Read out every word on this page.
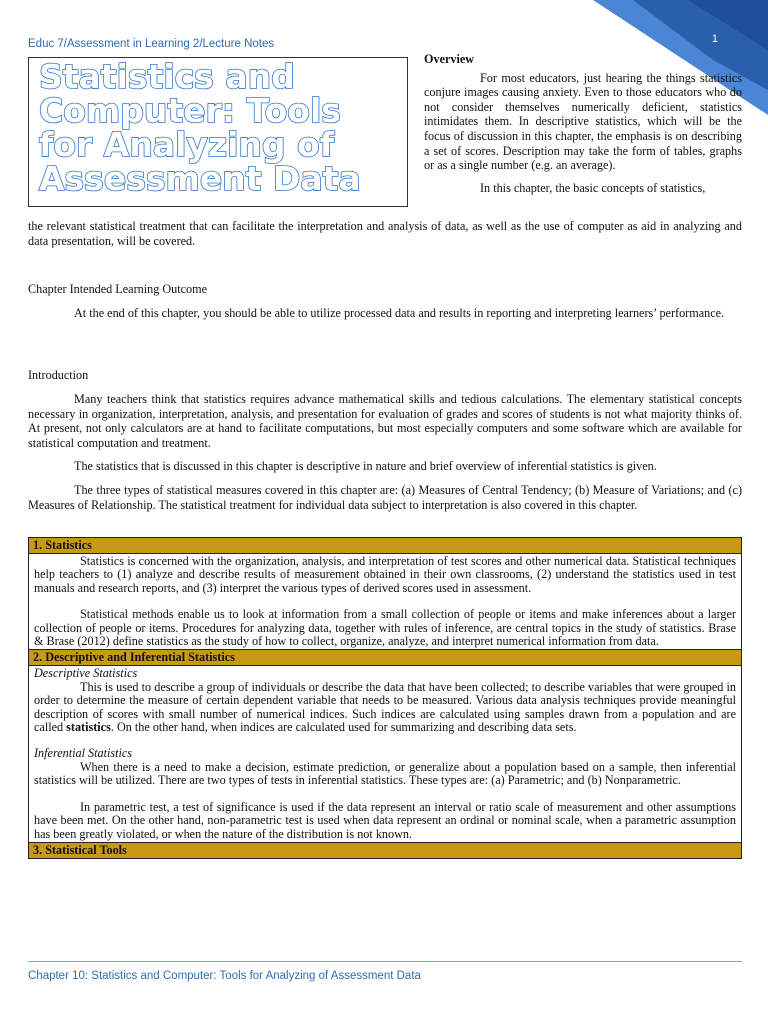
Educ 7/Assessment in Learning 2/Lecture Notes	1
Statistics and
Computer: Tools
for Analyzing of
Assessment Data
Overview

For most educators, just hearing the things statistics conjure images causing anxiety. Even to those educators who do not consider themselves numerically deficient, statistics intimidates them. In descriptive statistics, which will be the focus of discussion in this chapter, the emphasis is on describing a set of scores. Description may take the form of tables, graphs or as a single number (e.g. an average).

In this chapter, the basic concepts of statistics,

the relevant statistical treatment that can facilitate the interpretation and analysis of data, as well as the use of computer as aid in analyzing and data presentation, will be covered.
Chapter Intended Learning Outcome

At the end of this chapter, you should be able to utilize processed data and results in reporting and interpreting learners’ performance.

Introduction

Many teachers think that statistics requires advance mathematical skills and tedious calculations. The elementary statistical concepts necessary in organization, interpretation, analysis, and presentation for evaluation of grades and scores of students is not what majority thinks of. At present, not only calculators are at hand to facilitate computations, but most especially computers and some software which are available for statistical computation and treatment.

The statistics that is discussed in this chapter is descriptive in nature and brief overview of inferential statistics is given.

The three types of statistical measures covered in this chapter are: (a) Measures of Central Tendency; (b) Measure of Variations; and (c) Measures of Relationship. The statistical treatment for individual data subject to interpretation is also covered in this chapter.

1. Statistics

Statistics is concerned with the organization, analysis, and interpretation of test scores and other numerical data. Statistical techniques help teachers to (1) analyze and describe results of measurement obtained in their own classrooms, (2) understand the statistics used in test manuals and research reports, and (3) interpret the various types of derived scores used in assessment.

Statistical methods enable us to look at information from a small collection of people or items and make inferences about a larger collection of people or items. Procedures for analyzing data, together with rules of inference, are central topics in the study of statistics. Brase & Brase (2012) define statistics as the study of how to collect, organize, analyze, and interpret numerical information from data.

2. Descriptive and Inferential Statistics

Descriptive Statistics

This is used to describe a group of individuals or describe the data that have been collected; to describe variables that were grouped in order to determine the measure of certain dependent variable that needs to be measured. Various data analysis techniques provide meaningful description of scores with small number of numerical indices. Such indices are calculated using samples drawn from a population and are called statistics. On the other hand, when indices are calculated used for summarizing and describing data sets.

Inferential Statistics

When there is a need to make a decision, estimate prediction, or generalize about a population based on a sample, then inferential statistics will be utilized. There are two types of tests in inferential statistics. These types are: (a) Parametric; and (b) Nonparametric.

In parametric test, a test of significance is used if the data represent an interval or ratio scale of measurement and other assumptions have been met. On the other hand, non-parametric test is used when data represent an ordinal or nominal scale, when a parametric assumption has been greatly violated, or when the nature of the distribution is not known.

3. Statistical Tools
Chapter 10: Statistics and Computer: Tools for Analyzing of Assessment Data
